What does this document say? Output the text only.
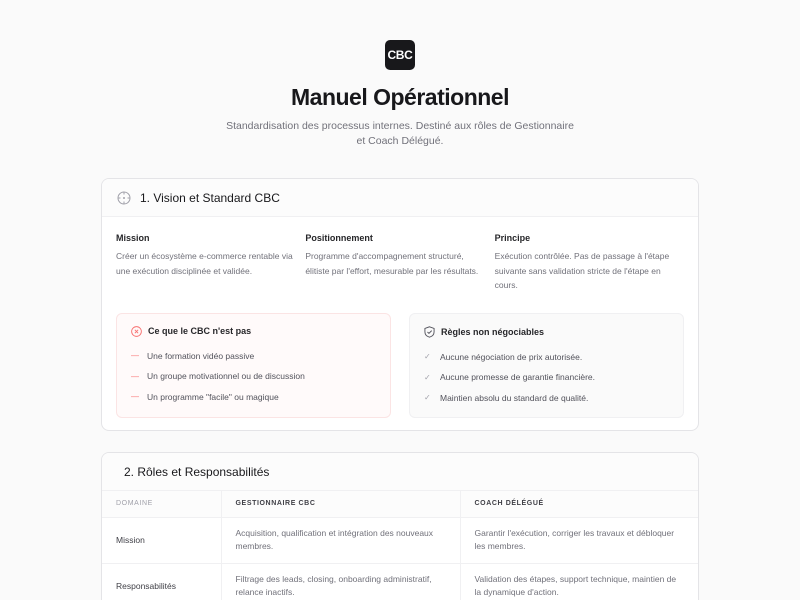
CBC
Manuel Opérationnel
Standardisation des processus internes. Destiné aux rôles de Gestionnaire
et Coach Délégué.
1. Vision et Standard CBC
Mission

Créer un écosystème e-commerce rentable via une exécution disciplinée et validée.

Positionnement

Programme d'accompagnement structuré, élitiste par l'effort, mesurable par les résultats.

Principe

Exécution contrôlée. Pas de passage à l'étape suivante sans validation stricte de l'étape en cours.

Ce que le CBC n'est pas
— Une formation vidéo passive
— Un groupe motivationnel ou de discussion
— Un programme "facile" ou magique
Règles non négociables
✓	Aucune négociation de prix autorisée.
✓	Aucune promesse de garantie financière.
✓	Maintien absolu du standard de qualité.
2. Rôles et Responsabilités
DOMAINE	GESTIONNAIRE CBC	COACH DÉLÉGUÉ
Mission	Acquisition, qualification et intégration des nouveaux membres.	Garantir l'exécution, corriger les travaux et débloquer les membres.
Responsabilités	Filtrage des leads, closing, onboarding administratif, relance inactifs.	Validation des étapes, support technique, maintien de la dynamique d'action.
